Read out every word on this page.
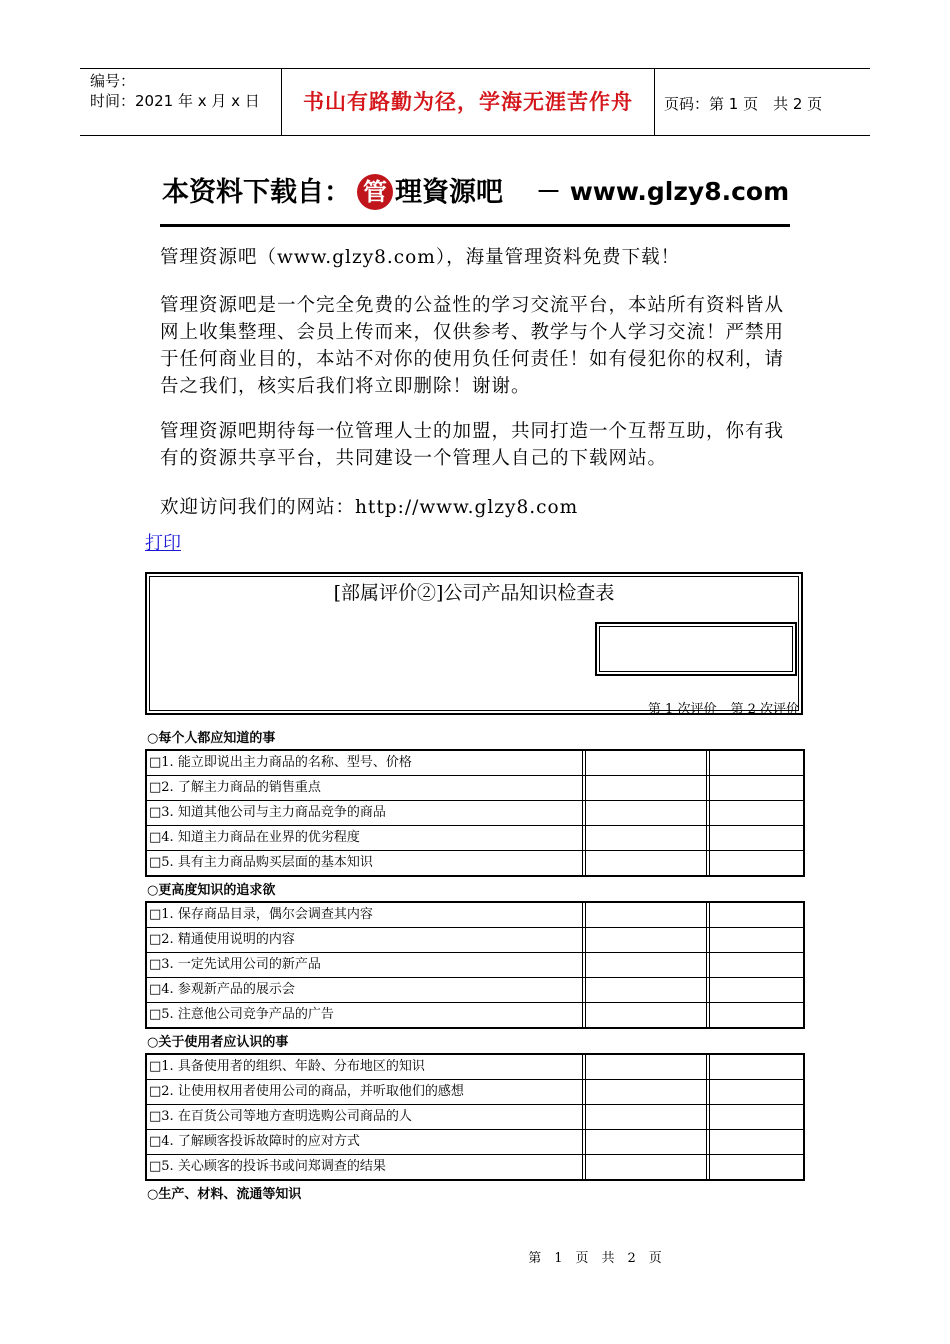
编号：
时间：2021 年 x 月 x 日	书山有路勤为径，学海无涯苦作舟	页码：第 1 页　共 2 页
本资料下载自： 管 理資源吧 － www.glzy8.com
管理资源吧（www.glzy8.com），海量管理资料免费下载！
管理资源吧是一个完全免费的公益性的学习交流平台，本站所有资料皆从网上收集整理、会员上传而来，仅供参考、教学与个人学习交流！严禁用于任何商业目的，本站不对你的使用负任何责任！如有侵犯你的权利，请告之我们，核实后我们将立即删除！谢谢。
管理资源吧期待每一位管理人士的加盟，共同打造一个互帮互助，你有我有的资源共享平台，共同建设一个管理人自己的下载网站。
欢迎访问我们的网站：http://www.glzy8.com
打印
[部属评价②]公司产品知识检查表
第 1 次评价 第 2 次评价
○每个人都应知道的事
□1. 能立即说出主力商品的名称、型号、价格
□2. 了解主力商品的销售重点
□3. 知道其他公司与主力商品竞争的商品
□4. 知道主力商品在业界的优劣程度
□5. 具有主力商品购买层面的基本知识
○更高度知识的追求欲
□1. 保存商品目录，偶尔会调查其内容
□2. 精通使用说明的内容
□3. 一定先试用公司的新产品
□4. 参观新产品的展示会
□5. 注意他公司竞争产品的广告
○关于使用者应认识的事
□1. 具备使用者的组织、年龄、分布地区的知识
□2. 让使用权用者使用公司的商品，并听取他们的感想
□3. 在百货公司等地方查明选购公司商品的人
□4. 了解顾客投诉故障时的应对方式
□5. 关心顾客的投诉书或问郑调查的结果
○生产、材料、流通等知识
第　1　页　共　2　页
